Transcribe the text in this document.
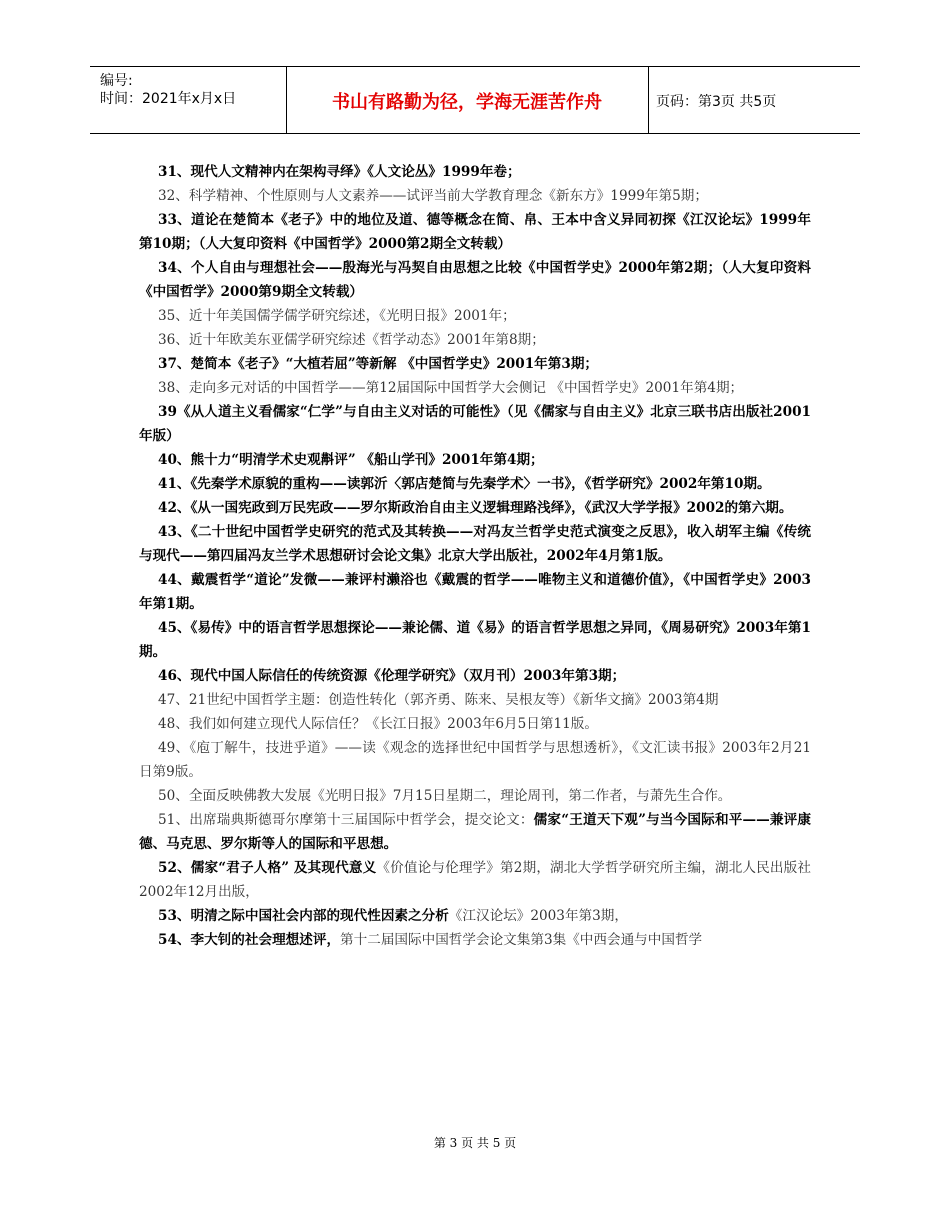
编号:
时间：2021年x月x日	书山有路勤为径，学海无涯苦作舟	页码：第3页 共5页
31、现代人文精神内在架构寻绎》《人文论丛》1999年卷；
32、科学精神、个性原则与人文素养——试评当前大学教育理念《新东方》1999年第5期；
33、道论在楚简本《老子》中的地位及道、德等概念在简、帛、王本中含义异同初探《江汉论坛》1999年第10期；（人大复印资料《中国哲学》2000第2期全文转载）
34、个人自由与理想社会——殷海光与冯契自由思想之比较《中国哲学史》2000年第2期；（人大复印资料《中国哲学》2000第9期全文转载）
35、近十年美国儒学儒学研究综述，《光明日报》2001年；
36、近十年欧美东亚儒学研究综述《哲学动态》2001年第8期；
37、楚简本《老子》“大植若屈”等新解 《中国哲学史》2001年第3期；
38、走向多元对话的中国哲学——第12届国际中国哲学大会侧记 《中国哲学史》2001年第4期；
39《从人道主义看儒家“仁学”与自由主义对话的可能性》（见《儒家与自由主义》北京三联书店出版社2001年版）
40、熊十力“明清学术史观斠评” 《船山学刊》2001年第4期；
41、《先秦学术原貌的重构——读郭沂〈郭店楚简与先秦学术〉一书》，《哲学研究》2002年第10期。
42、《从一国宪政到万民宪政——罗尔斯政治自由主义逻辑理路浅绎》，《武汉大学学报》2002的第六期。
43、《二十世纪中国哲学史研究的范式及其转换——对冯友兰哲学史范式演变之反思》，收入胡军主编《传统与现代——第四届冯友兰学术思想研讨会论文集》北京大学出版社，2002年4月第1版。
44、戴震哲学“道论”发微——兼评村濑浴也《戴震的哲学——唯物主义和道德价值》，《中国哲学史》2003年第1期。
45、《易传》中的语言哲学思想探论——兼论儒、道《易》的语言哲学思想之异同，《周易研究》2003年第1期。
46、现代中国人际信任的传统资源《伦理学研究》（双月刊）2003年第3期；
47、21世纪中国哲学主题：创造性转化（郭齐勇、陈来、吴根友等）《新华文摘》2003第4期
48、我们如何建立现代人际信任？《长江日报》2003年6月5日第11版。
49、《庖丁解牛，技进乎道》——读《观念的选择世纪中国哲学与思想透析》，《文汇读书报》2003年2月21日第9版。
50、全面反映佛教大发展《光明日报》7月15日星期二，理论周刊，第二作者，与萧先生合作。
51、出席瑞典斯德哥尔摩第十三届国际中哲学会，提交论文：儒家“王道天下观”与当今国际和平——兼评康德、马克思、罗尔斯等人的国际和平思想。
52、儒家“君子人格” 及其现代意义《价值论与伦理学》第2期，湖北大学哲学研究所主编，湖北人民出版社2002年12月出版，
53、明清之际中国社会内部的现代性因素之分析《江汉论坛》2003年第3期，
54、李大钊的社会理想述评，第十二届国际中国哲学会论文集第3集《中西会通与中国哲学
第 3 页 共 5 页
